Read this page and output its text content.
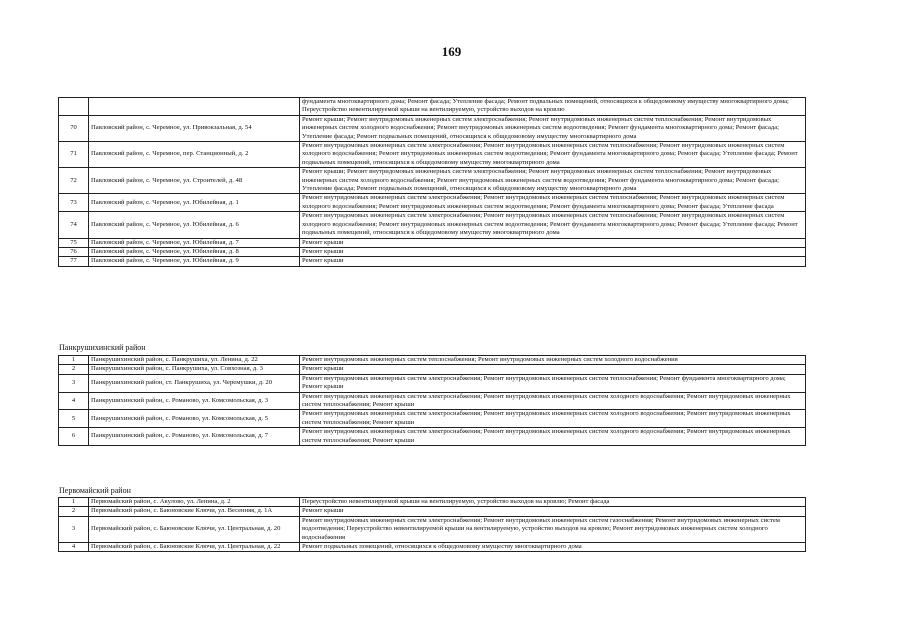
169
		фундамента многоквартирного дома; Ремонт фасада; Утепление фасада; Ремонт подвальных помещений, относящихся к общедомовому имуществу многоквартирного дома; Переустройство невентилируемой крыши на вентилируемую, устройство выходов на кровлю
70	Павловский район, с. Черемное, ул. Привокзальная, д. 54	Ремонт крыши; Ремонт внутридомовых инженерных систем электроснабжения; Ремонт внутридомовых инженерных систем теплоснабжения; Ремонт внутридомовых инженерных систем холодного водоснабжения; Ремонт внутридомовых инженерных систем водоотведения; Ремонт фундамента многоквартирного дома; Ремонт фасада; Утепление фасада; Ремонт подвальных помещений, относящихся к общедомовому имуществу многоквартирного дома
71	Павловский район, с. Черемное, пер. Станционный, д. 2	Ремонт внутридомовых инженерных систем электроснабжения; Ремонт внутридомовых инженерных систем теплоснабжения; Ремонт внутридомовых инженерных систем холодного водоснабжения; Ремонт внутридомовых инженерных систем водоотведения; Ремонт фундамента многоквартирного дома; Ремонт фасада; Утепление фасада; Ремонт подвальных помещений, относящихся к общедомовому имуществу многоквартирного дома
72	Павловский район, с. Черемное, ул. Строителей, д. 48	Ремонт крыши; Ремонт внутридомовых инженерных систем электроснабжения; Ремонт внутридомовых инженерных систем теплоснабжения; Ремонт внутридомовых инженерных систем холодного водоснабжения; Ремонт внутридомовых инженерных систем водоотведения; Ремонт фундамента многоквартирного дома; Ремонт фасада; Утепление фасада; Ремонт подвальных помещений, относящихся к общедомовому имуществу многоквартирного дома
73	Павловский район, с. Черемное, ул. Юбилейная, д. 1	Ремонт внутридомовых инженерных систем электроснабжения; Ремонт внутридомовых инженерных систем теплоснабжения; Ремонт внутридомовых инженерных систем холодного водоснабжения; Ремонт внутридомовых инженерных систем водоотведения; Ремонт фундамента многоквартирного дома; Ремонт фасада; Утепление фасада
74	Павловский район, с. Черемное, ул. Юбилейная, д. 6	Ремонт внутридомовых инженерных систем электроснабжения; Ремонт внутридомовых инженерных систем теплоснабжения; Ремонт внутридомовых инженерных систем холодного водоснабжения; Ремонт внутридомовых инженерных систем водоотведения; Ремонт фундамента многоквартирного дома; Ремонт фасада; Утепление фасада; Ремонт подвальных помещений, относящихся к общедомовому имуществу многоквартирного дома
75	Павловский район, с. Черемное, ул. Юбилейная, д. 7	Ремонт крыши
76	Павловский район, с. Черемное, ул. Юбилейная, д. 8	Ремонт крыши
77	Павловский район, с. Черемное, ул. Юбилейная, д. 9	Ремонт крыши
Панкрушихинский район
1	Панкрушихинский район, с. Панкрушиха, ул. Ленина, д. 22	Ремонт внутридомовых инженерных систем теплоснабжения; Ремонт внутридомовых инженерных систем холодного водоснабжения
2	Панкрушихинский район, с. Панкрушиха, ул. Совхозная, д. 3	Ремонт крыши
3	Панкрушихинский район, ст. Панкрушиха, ул. Черемушки, д. 20	Ремонт внутридомовых инженерных систем электроснабжения; Ремонт внутридомовых инженерных систем теплоснабжения; Ремонт фундамента многоквартирного дома; Ремонт крыши
4	Панкрушихинский район, с. Романово, ул. Комсомольская, д. 3	Ремонт внутридомовых инженерных систем электроснабжения; Ремонт внутридомовых инженерных систем холодного водоснабжения; Ремонт внутридомовых инженерных систем теплоснабжения; Ремонт крыши
5	Панкрушихинский район, с. Романово, ул. Комсомольская, д. 5	Ремонт внутридомовых инженерных систем электроснабжения; Ремонт внутридомовых инженерных систем холодного водоснабжения; Ремонт внутридомовых инженерных систем теплоснабжения; Ремонт крыши
6	Панкрушихинский район, с. Романово, ул. Комсомольская, д. 7	Ремонт внутридомовых инженерных систем электроснабжения; Ремонт внутридомовых инженерных систем холодного водоснабжения; Ремонт внутридомовых инженерных систем теплоснабжения; Ремонт крыши
Первомайский район
1	Первомайский район, с. Акулово, ул. Ленина, д. 2	Переустройство невентилируемой крыши на вентилируемую, устройство выходов на кровлю; Ремонт фасада
2	Первомайский район, с. Баюновские Ключи, ул. Весенняя, д. 1А	Ремонт крыши
3	Первомайский район, с. Баюновские Ключи, ул. Центральная, д. 20	Ремонт внутридомовых инженерных систем электроснабжения; Ремонт внутридомовых инженерных систем газоснабжения; Ремонт внутридомовых инженерных систем водоотведения; Переустройство невентилируемой крыши на вентилируемую, устройство выходов на кровлю; Ремонт внутридомовых инженерных систем холодного водоснабжения
4	Первомайский район, с. Баюновские Ключи, ул. Центральная, д. 22	Ремонт подвальных помещений, относящихся к общедомовому имуществу многоквартирного дома
